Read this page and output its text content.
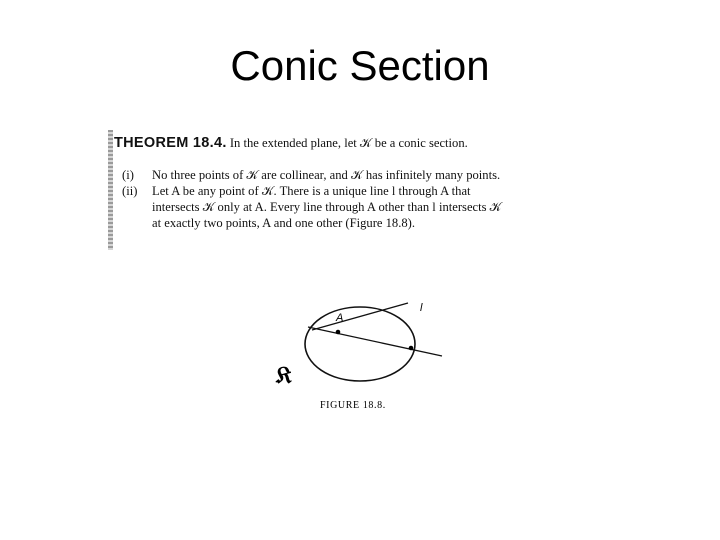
Conic Section
THEOREM 18.4. In the extended plane, let 𝒦 be a conic section.
(i) No three points of 𝒦 are collinear, and 𝒦 has infinitely many points.
(ii) Let A be any point of 𝒦. There is a unique line l through A that
intersects 𝒦 only at A. Every line through A other than l intersects 𝒦
at exactly two points, A and one other (Figure 18.8).
A
l
𝔎
FIGURE 18.8.
